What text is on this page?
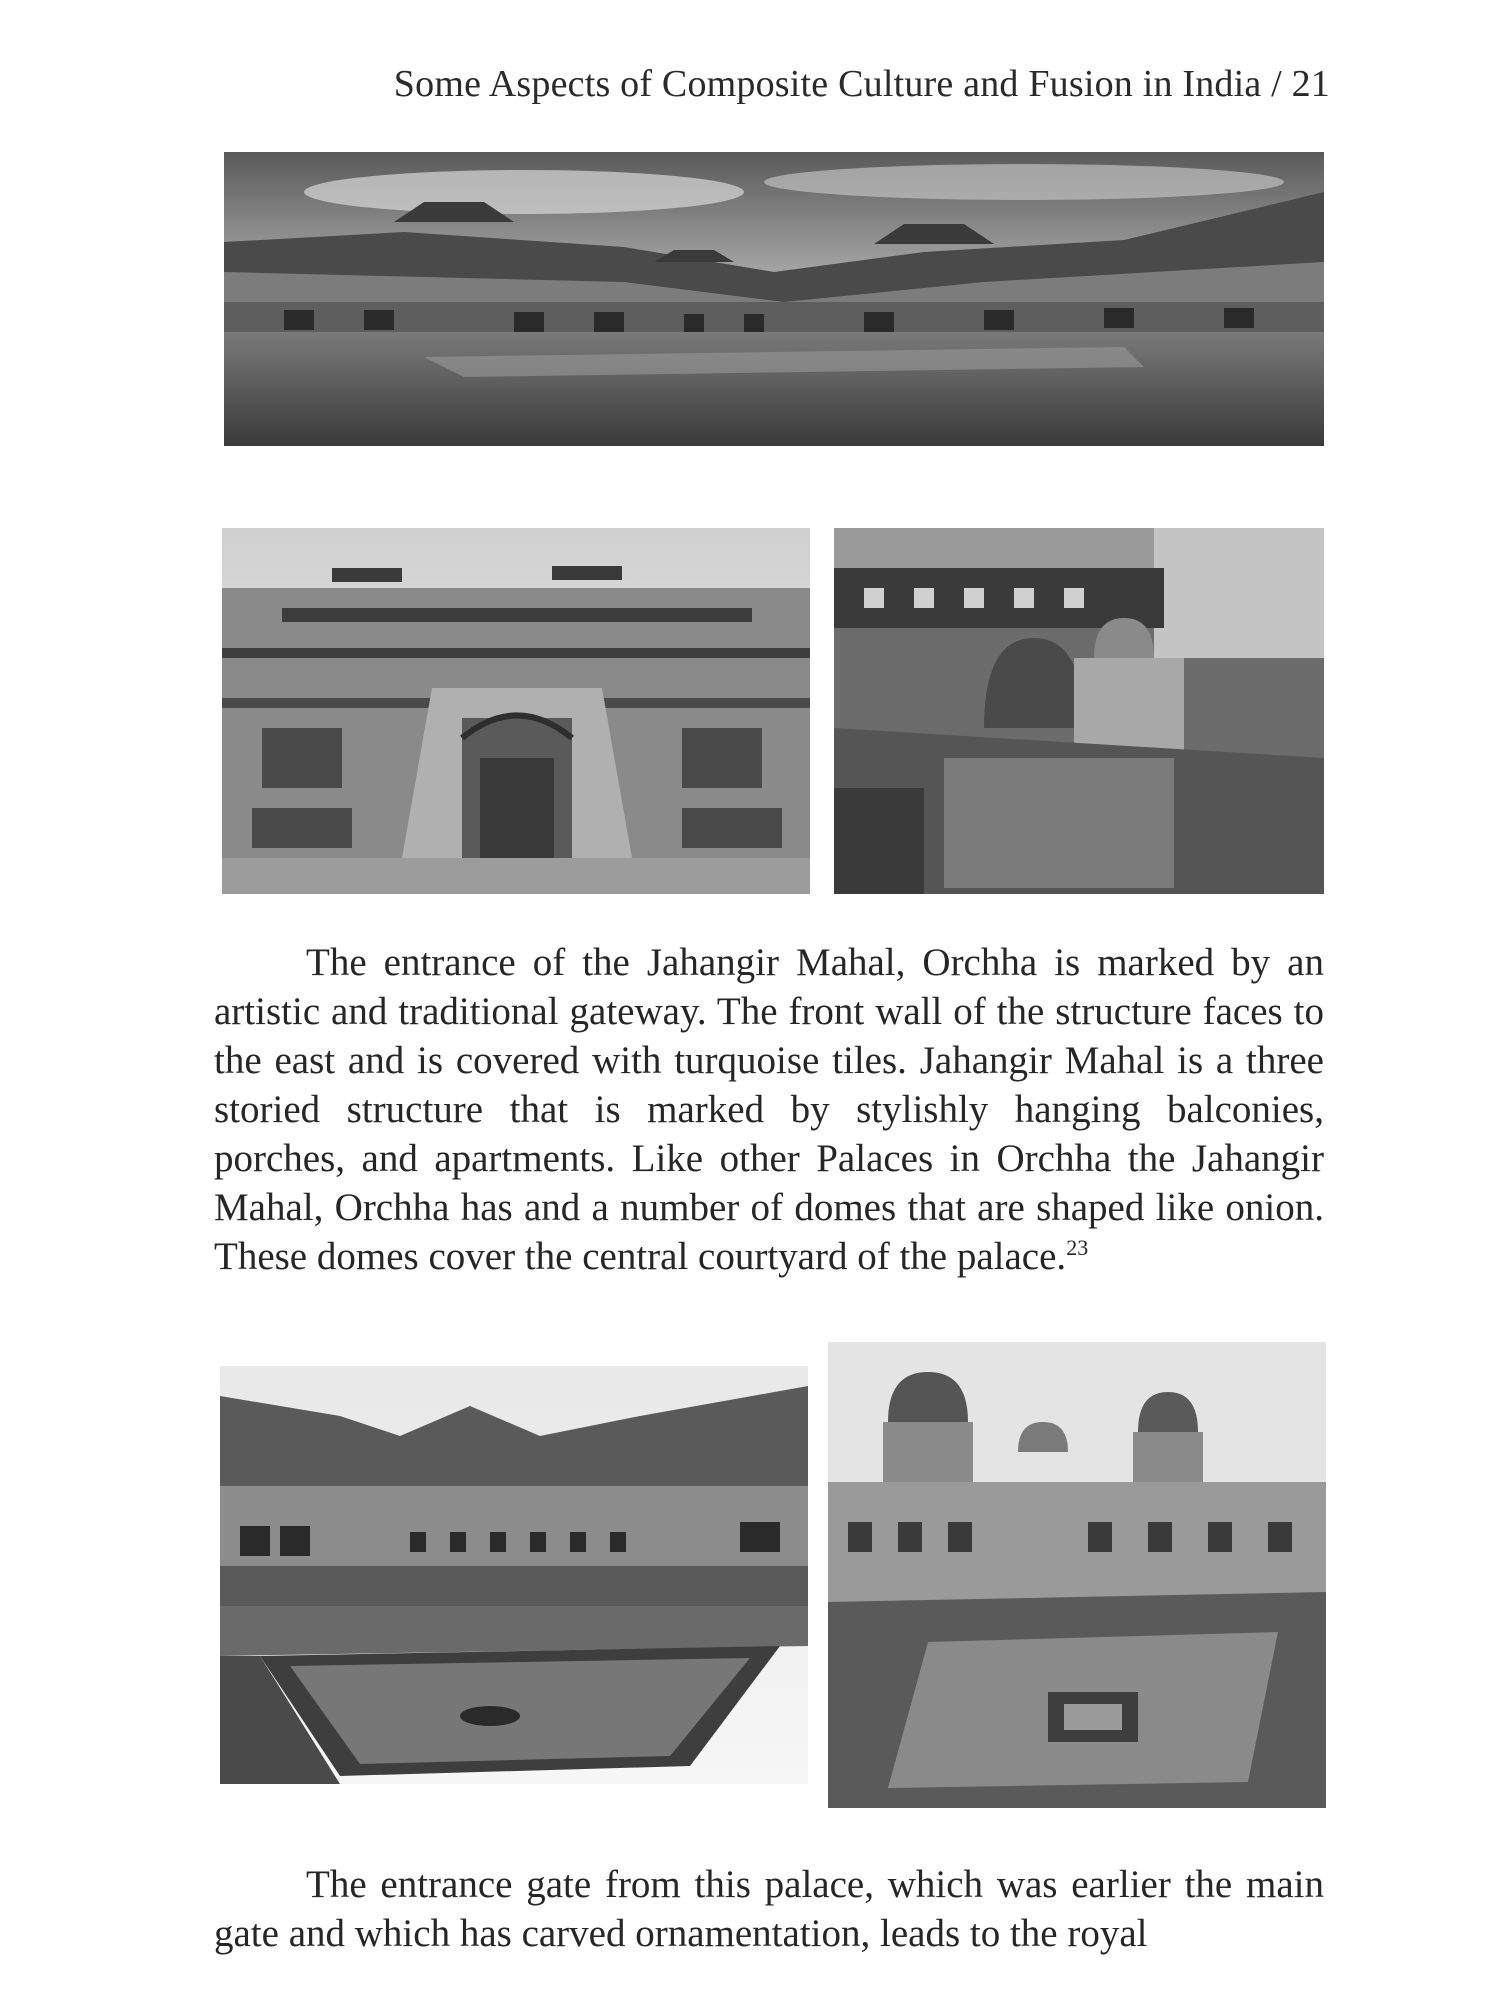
Some Aspects of Composite Culture and Fusion in India / 21

The entrance of the Jahangir Mahal, Orchha is marked by an artistic and traditional gateway. The front wall of the structure faces to the east and is covered with turquoise tiles. Jahangir Mahal is a three storied structure that is marked by stylishly hanging balconies, porches, and apartments. Like other Palaces in Orchha the Jahangir Mahal, Orchha has and a number of domes that are shaped like onion. These domes cover the central courtyard of the palace.$^{23}$

The entrance gate from this palace, which was earlier the main gate and which has carved ornamentation, leads to the royal
